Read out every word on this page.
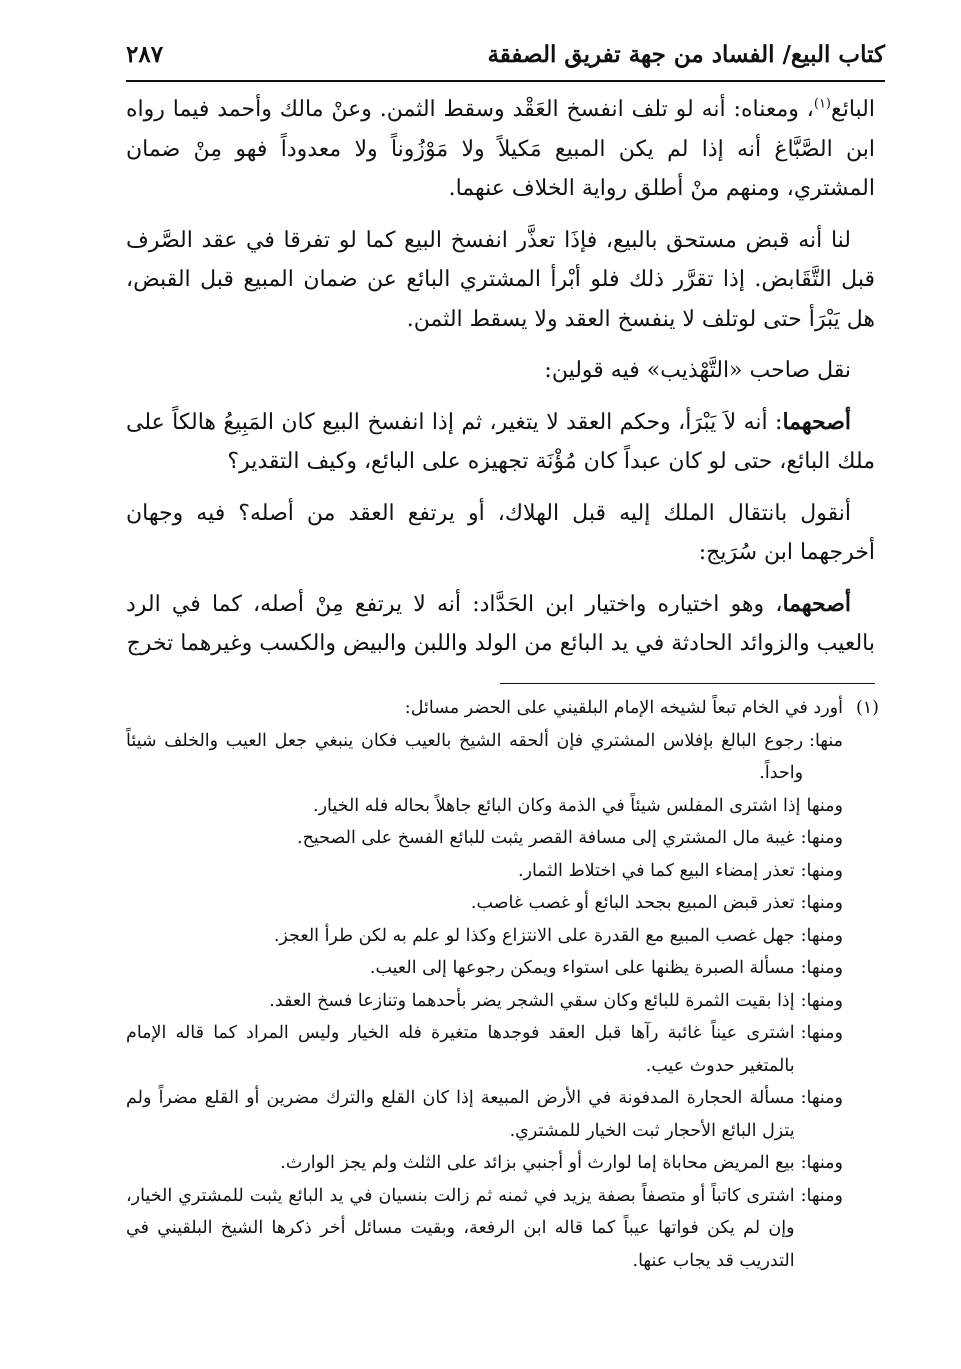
كتاب البيع/ الفساد من جهة تفريق الصفقة
٢٨٧

البائع$^{(١)}$، ومعناه: أنه لو تلف انفسخ العَقْد وسقط الثمن. وعنْ مالك وأحمد فيما رواه ابن الصَّبَّاغ أنه إذا لم يكن المبيع مَكيلاً ولا مَوْزُوناً ولا معدوداً فهو مِنْ ضمان المشتري، ومنهم منْ أطلق رواية الخلاف عنهما.

لنا أنه قبض مستحق بالبيع، فإذَا تعذَّر انفسخ البيع كما لو تفرقا في عقد الصَّرف قبل التَّقَابض. إذا تقرَّر ذلك فلو أبْرأ المشتري البائع عن ضمان المبيع قبل القبض، هل يَبْرَأ حتى لوتلف لا ينفسخ العقد ولا يسقط الثمن.

نقل صاحب «التَّهْذيب» فيه قولين:

أصحهما: أنه لاَ يَبْرَأ، وحكم العقد لا يتغير، ثم إذا انفسخ البيع كان المَبِيعُ هالكاً على ملك البائع، حتى لو كان عبداً كان مُؤْنَة تجهيزه على البائع، وكيف التقدير؟

أنقول بانتقال الملك إليه قبل الهلاك، أو يرتفع العقد من أصله؟ فيه وجهان أخرجهما ابن سُرَيج:

أصحهما، وهو اختياره واختيار ابن الحَدَّاد: أنه لا يرتفع مِنْ أصله، كما في الرد بالعيب والزوائد الحادثة في يد البائع من الولد واللبن والبيض والكسب وغيرهما تخرج

(١)
أورد في الخام تبعاً لشيخه الإمام البلقيني على الحضر مسائل:
منها:
رجوع البالغ بإفلاس المشتري فإن ألحقه الشيخ بالعيب فكان ينبغي جعل العيب والخلف شيئاً واحداً.
ومنها
إذا اشترى المفلس شيئاً في الذمة وكان البائع جاهلاً بحاله فله الخيار.
ومنها:
غيبة مال المشتري إلى مسافة القصر يثبت للبائع الفسخ على الصحيح.
ومنها:
تعذر إمضاء البيع كما في اختلاط الثمار.
ومنها:
تعذر قبض المبيع بجحد البائع أو غصب غاصب.
ومنها:
جهل غصب المبيع مع القدرة على الانتزاع وكذا لو علم به لكن طرأ العجز.
ومنها:
مسألة الصبرة يظنها على استواء ويمكن رجوعها إلى العيب.
ومنها:
إذا بقيت الثمرة للبائع وكان سقي الشجر يضر بأحدهما وتنازعا فسخ العقد.
ومنها:
اشترى عيناً غائبة رآها قبل العقد فوجدها متغيرة فله الخيار وليس المراد كما قاله الإمام بالمتغير حدوث عيب.
ومنها:
مسألة الحجارة المدفونة في الأرض المبيعة إذا كان القلع والترك مضرين أو القلع مضراً ولم يتزل البائع الأحجار ثبت الخيار للمشتري.
ومنها:
بيع المريض محاباة إما لوارث أو أجنبي بزائد على الثلث ولم يجز الوارث.
ومنها:
اشترى كاتباً أو متصفاً بصفة يزيد في ثمنه ثم زالت بنسيان في يد البائع يثبت للمشتري الخيار، وإن لم يكن فواتها عيباً كما قاله ابن الرفعة، وبقيت مسائل أخر ذكرها الشيخ البلقيني في التدريب قد يجاب عنها.
